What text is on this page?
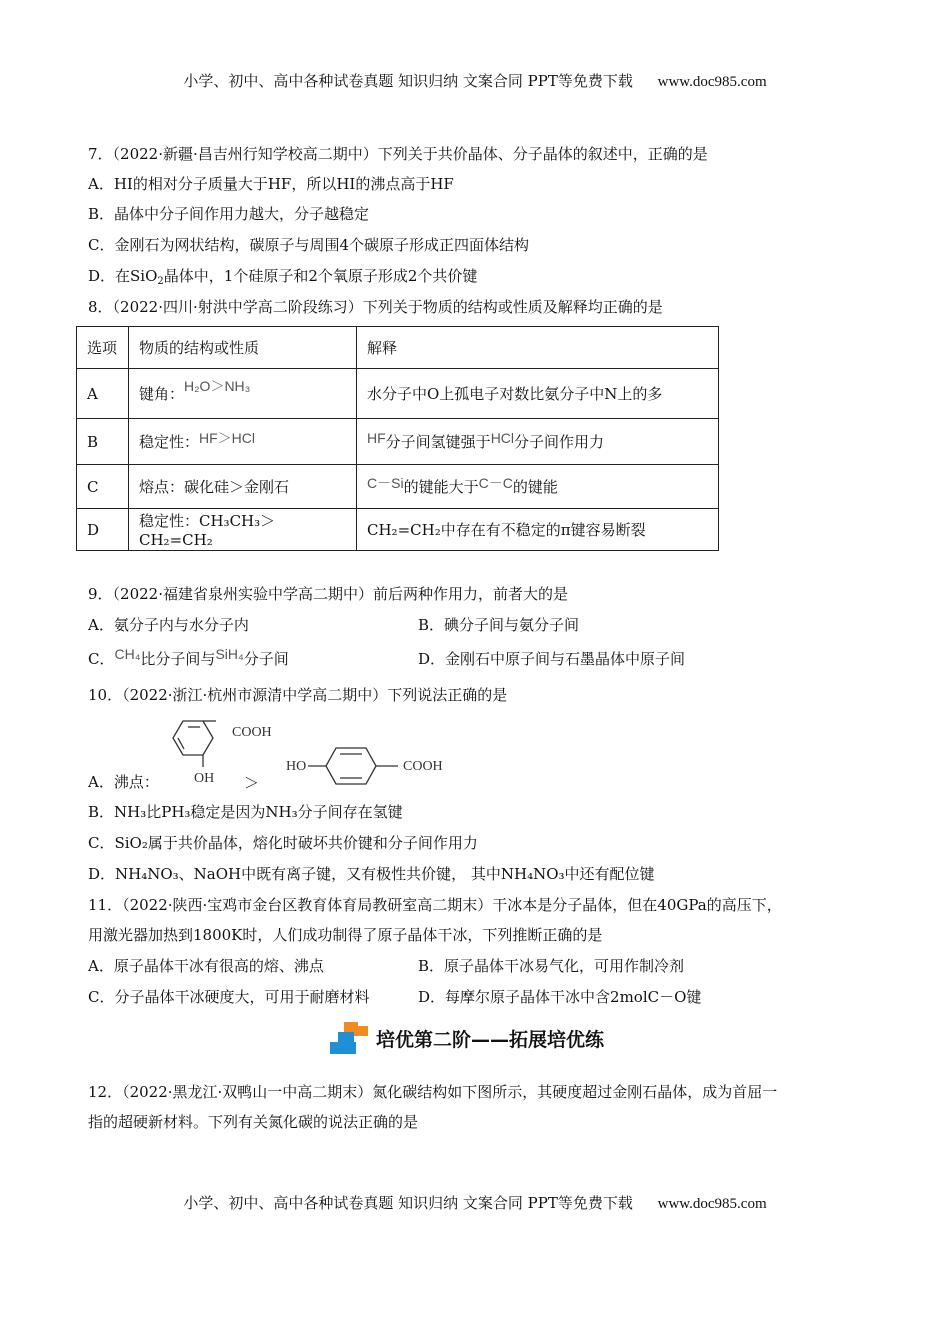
小学、初中、高中各种试卷真题 知识归纳 文案合同 PPT等免费下载 www.doc985.com
7．（2022·新疆·昌吉州行知学校高二期中）下列关于共价晶体、分子晶体的叙述中，正确的是
A．HI的相对分子质量大于HF，所以HI的沸点高于HF
B．晶体中分子间作用力越大，分子越稳定
C．金刚石为网状结构，碳原子与周围4个碳原子形成正四面体结构
D．在SiO$_2$晶体中，1个硅原子和2个氧原子形成2个共价键
8．（2022·四川·射洪中学高二阶段练习）下列关于物质的结构或性质及解释均正确的是
选项	物质的结构或性质	解释
A	键角：H₂O＞NH₃	水分子中O上孤电子对数比氨分子中N上的多
B	稳定性：HF＞HCl	HF分子间氢键强于HCl分子间作用力
C	熔点：碳化硅＞金刚石	C－Si的键能大于C－C的键能
D	稳定性：CH₃CH₃＞CH₂=CH₂	CH₂=CH₂中存在有不稳定的π键容易断裂
9．（2022·福建省泉州实验中学高二期中）前后两种作用力，前者大的是
A．氨分子内与水分子内	B．碘分子间与氨分子间
C．CH₄比分子间与SiH₄分子间	D．金刚石中原子间与石墨晶体中原子间
10．（2022·浙江·杭州市源清中学高二期中）下列说法正确的是
A．沸点：
COOH
OH ＞
HO	COOH
B．NH₃比PH₃稳定是因为NH₃分子间存在氢键
C．SiO₂属于共价晶体，熔化时破坏共价键和分子间作用力
D．NH₄NO₃、NaOH中既有离子键，又有极性共价键， 其中NH₄NO₃中还有配位键
11．（2022·陕西·宝鸡市金台区教育体育局教研室高二期末）干冰本是分子晶体，但在40GPa的高压下，
用激光器加热到1800K时，人们成功制得了原子晶体干冰，下列推断正确的是
A．原子晶体干冰有很高的熔、沸点	B．原子晶体干冰易气化，可用作制冷剂
C．分子晶体干冰硬度大，可用于耐磨材料	D．每摩尔原子晶体干冰中含2molC－O键
培优第二阶——拓展培优练
12．（2022·黑龙江·双鸭山一中高二期末）氮化碳结构如下图所示，其硬度超过金刚石晶体，成为首屈一
指的超硬新材料。下列有关氮化碳的说法正确的是
小学、初中、高中各种试卷真题 知识归纳 文案合同 PPT等免费下载 www.doc985.com
